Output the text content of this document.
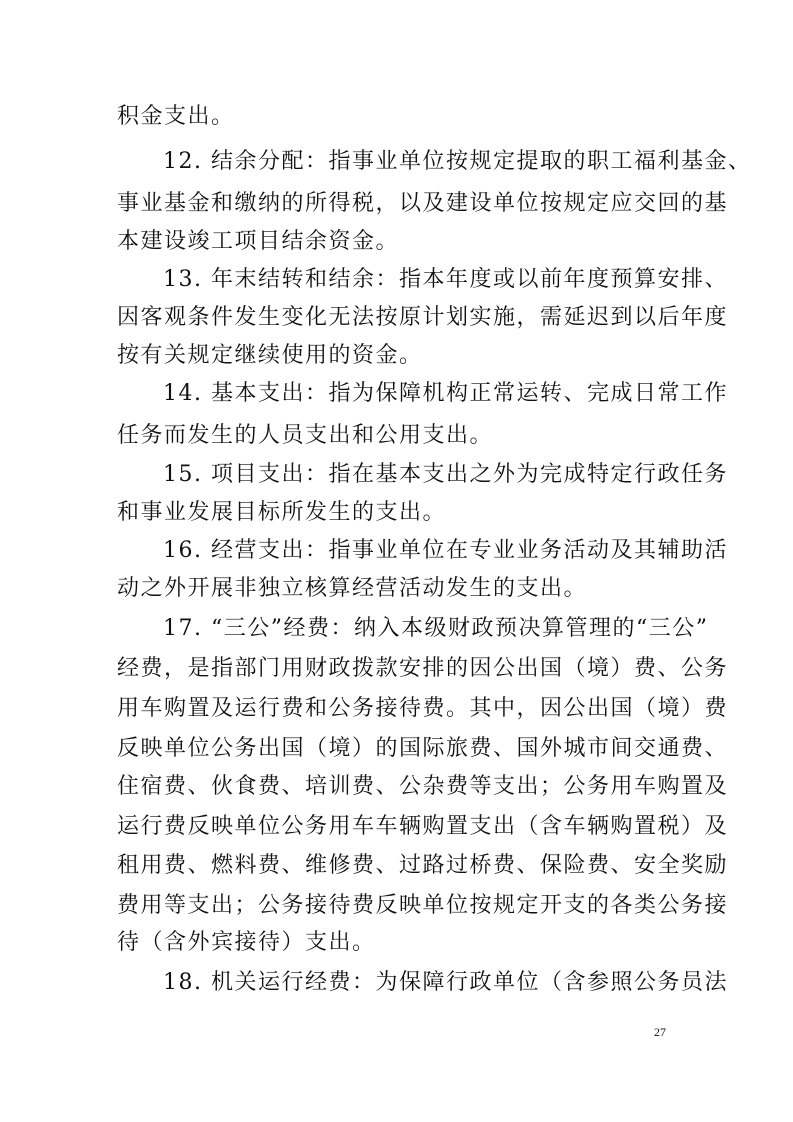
积金支出。
12. 结余分配：指事业单位按规定提取的职工福利基金、
事业基金和缴纳的所得税，以及建设单位按规定应交回的基
本建设竣工项目结余资金。
13. 年末结转和结余：指本年度或以前年度预算安排、
因客观条件发生变化无法按原计划实施，需延迟到以后年度
按有关规定继续使用的资金。
14. 基本支出：指为保障机构正常运转、完成日常工作
任务而发生的人员支出和公用支出。
15. 项目支出：指在基本支出之外为完成特定行政任务
和事业发展目标所发生的支出。
16. 经营支出：指事业单位在专业业务活动及其辅助活
动之外开展非独立核算经营活动发生的支出。
17. “三公”经费：纳入本级财政预决算管理的“三公”
经费，是指部门用财政拨款安排的因公出国（境）费、公务
用车购置及运行费和公务接待费。其中，因公出国（境）费
反映单位公务出国（境）的国际旅费、国外城市间交通费、
住宿费、伙食费、培训费、公杂费等支出；公务用车购置及
运行费反映单位公务用车车辆购置支出（含车辆购置税）及
租用费、燃料费、维修费、过路过桥费、保险费、安全奖励
费用等支出；公务接待费反映单位按规定开支的各类公务接
待（含外宾接待）支出。
18. 机关运行经费：为保障行政单位（含参照公务员法
27
